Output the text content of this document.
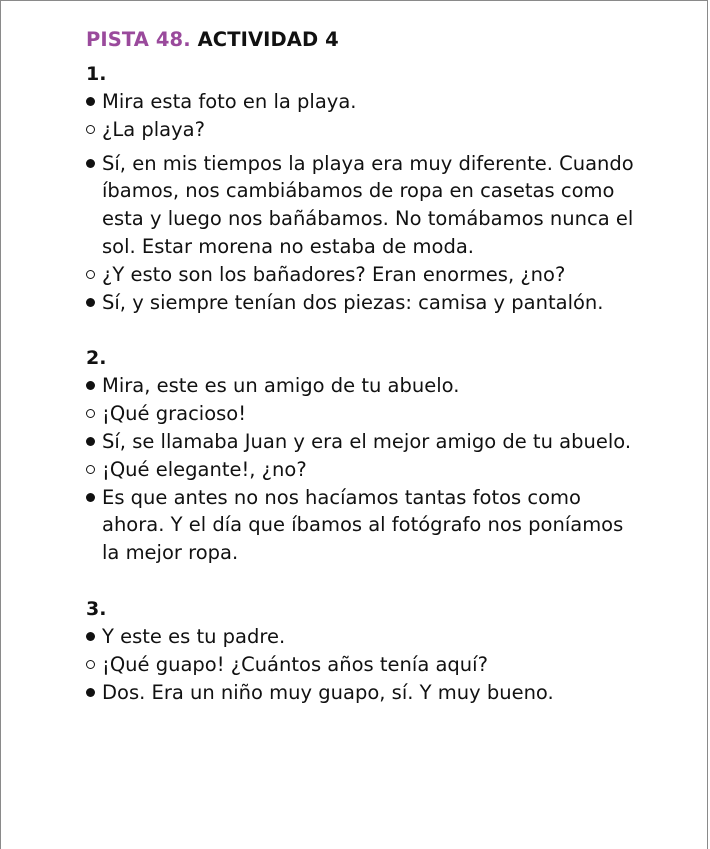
PISTA 48. ACTIVIDAD 4
1.
Mira esta foto en la playa.
¿La playa?
Sí, en mis tiempos la playa era muy diferente. Cuando íbamos, nos cambiábamos de ropa en casetas como esta y luego nos bañábamos. No tomábamos nunca el sol. Estar morena no estaba de moda.
¿Y esto son los bañadores? Eran enormes, ¿no?
Sí, y siempre tenían dos piezas: camisa y pantalón.
2.
Mira, este es un amigo de tu abuelo.
¡Qué gracioso!
Sí, se llamaba Juan y era el mejor amigo de tu abuelo.
¡Qué elegante!, ¿no?
Es que antes no nos hacíamos tantas fotos como ahora. Y el día que íbamos al fotógrafo nos poníamos la mejor ropa.
3.
Y este es tu padre.
¡Qué guapo! ¿Cuántos años tenía aquí?
Dos. Era un niño muy guapo, sí. Y muy bueno.
